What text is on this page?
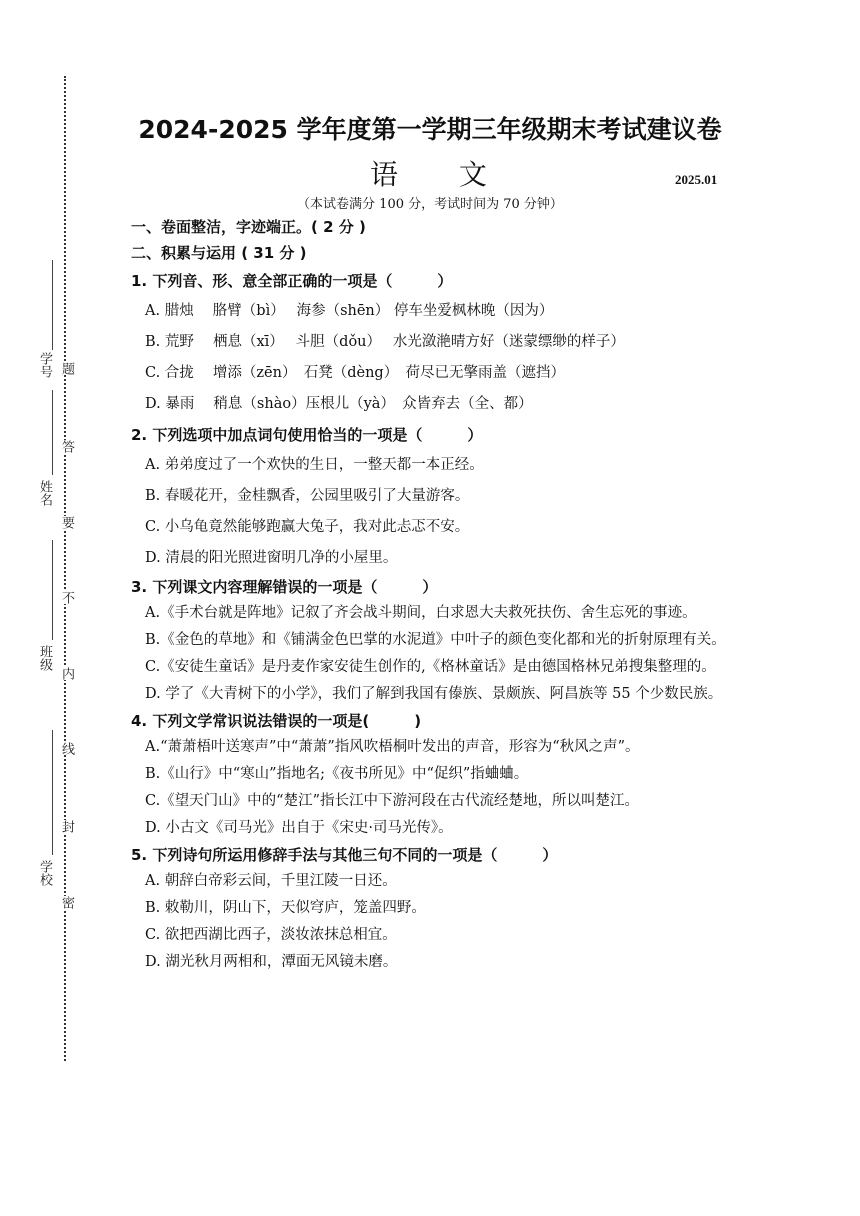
学号
姓名
班级
学校
题
答
要
不
内
线
封
密
2024-2025 学年度第一学期三年级期末考试建议卷
语 文	2025.01
（本试卷满分 100 分，考试时间为 70 分钟）
一、卷面整洁，字迹端正。( 2 分 )
二、积累与运用 ( 31 分 )
1. 下列音、形、意全部正确的一项是（　　　）
A. 腊烛　 胳臂（bì）　 海参（shēn） 停车坐爱枫林晚（因为）
B. 荒野　 栖息（xī）　 斗胆（dǒu）　 水光潋滟晴方好（迷蒙缥缈的样子）
C. 合拢　 增添（zēn）　石凳（dèng）　荷尽已无擎雨盖（遮挡）
D. 暴雨　 稍息（shào）压根儿（yà）　众皆弃去（全、都）
2. 下列选项中加点词句使用恰当的一项是（　　　）
A. 弟弟度过了一个欢快的生日，一整天都一本正经。
B. 春暖花开，金桂飘香，公园里吸引了大量游客。
C. 小乌龟竟然能够跑赢大兔子，我对此忐忑不安。
D. 清晨的阳光照进窗明几净的小屋里。
3. 下列课文内容理解错误的一项是（　　　）
A.《手术台就是阵地》记叙了齐会战斗期间，白求恩大夫救死扶伤、舍生忘死的事迹。
B.《金色的草地》和《铺满金色巴掌的水泥道》中叶子的颜色变化都和光的折射原理有关。
C.《安徒生童话》是丹麦作家安徒生创作的,《格林童话》是由德国格林兄弟搜集整理的。
D. 学了《大青树下的小学》，我们了解到我国有傣族、景颇族、阿昌族等 55 个少数民族。
4. 下列文学常识说法错误的一项是(　　　)
A.“萧萧梧叶送寒声”中“萧萧”指风吹梧桐叶发出的声音，形容为“秋风之声”。
B.《山行》中“寒山”指地名;《夜书所见》中“促织”指蛐蛐。
C.《望天门山》中的“楚江”指长江中下游河段在古代流经楚地，所以叫楚江。
D. 小古文《司马光》出自于《宋史·司马光传》。
5. 下列诗句所运用修辞手法与其他三句不同的一项是（　　　）
A. 朝辞白帝彩云间，千里江陵一日还。
B. 敕勒川，阴山下，天似穹庐，笼盖四野。
C. 欲把西湖比西子，淡妆浓抹总相宜。
D. 湖光秋月两相和，潭面无风镜未磨。
